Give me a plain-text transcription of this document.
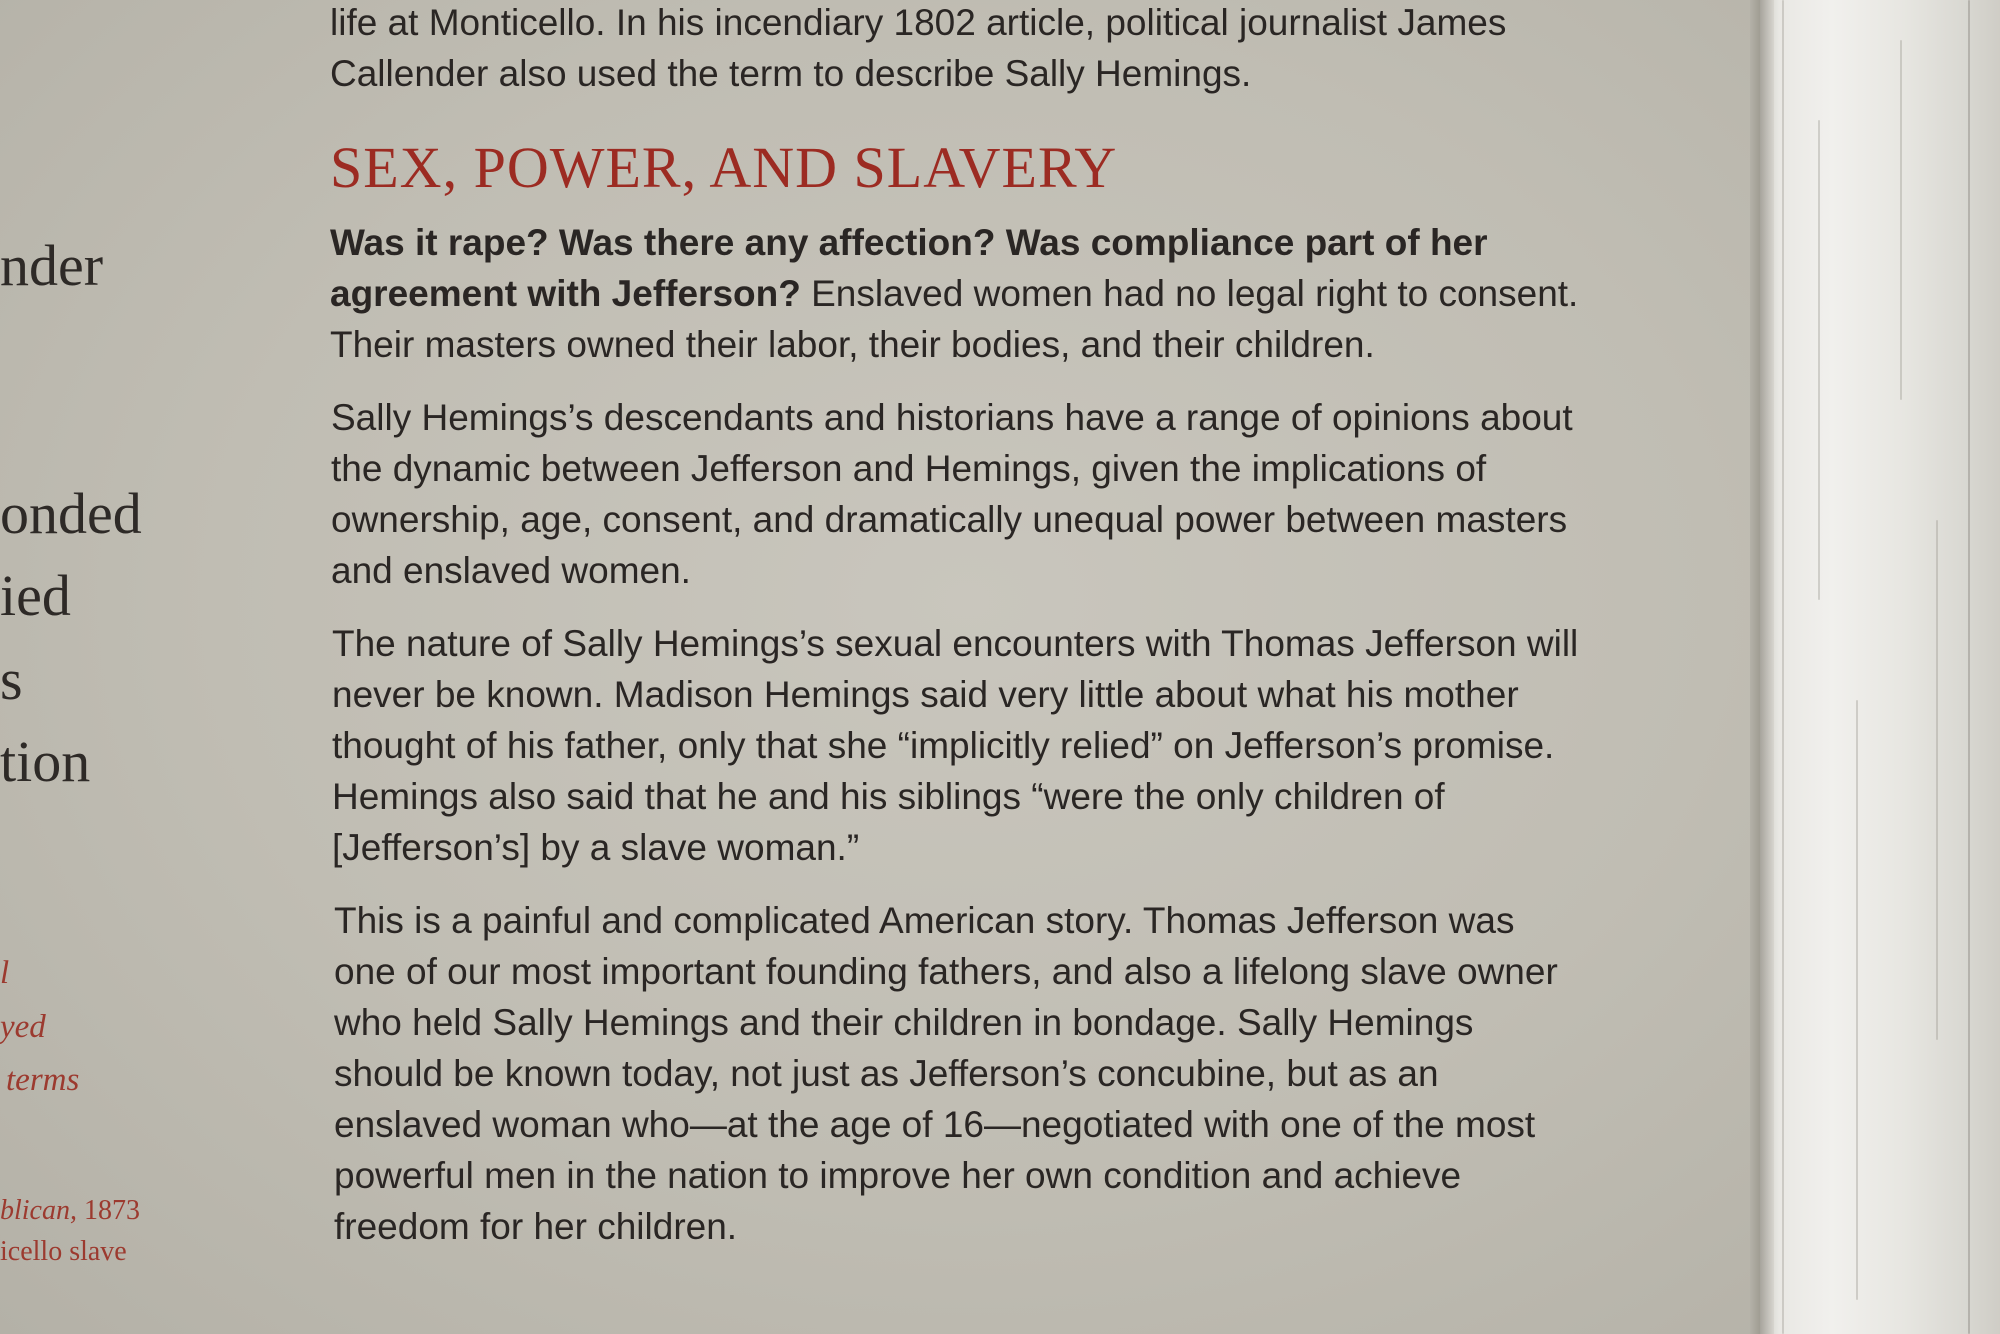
nder

onded

ied

s

tion

l

yed

terms

blican, 1873

icello slave

life at Monticello. In his incendiary 1802 article, political journalist James
Callender also used the term to describe Sally Hemings.

SEX, POWER, AND SLAVERY

Was it rape? Was there any affection? Was compliance part of her
agreement with Jefferson? Enslaved women had no legal right to consent.
Their masters owned their labor, their bodies, and their children.

Sally Hemings’s descendants and historians have a range of opinions about
the dynamic between Jefferson and Hemings, given the implications of
ownership, age, consent, and dramatically unequal power between masters
and enslaved women.

The nature of Sally Hemings’s sexual encounters with Thomas Jefferson will
never be known. Madison Hemings said very little about what his mother
thought of his father, only that she “implicitly relied” on Jefferson’s promise.
Hemings also said that he and his siblings “were the only children of
[Jefferson’s] by a slave woman.”

This is a painful and complicated American story. Thomas Jefferson was
one of our most important founding fathers, and also a lifelong slave owner
who held Sally Hemings and their children in bondage. Sally Hemings
should be known today, not just as Jefferson’s concubine, but as an
enslaved woman who—at the age of 16—negotiated with one of the most
powerful men in the nation to improve her own condition and achieve
freedom for her children.
